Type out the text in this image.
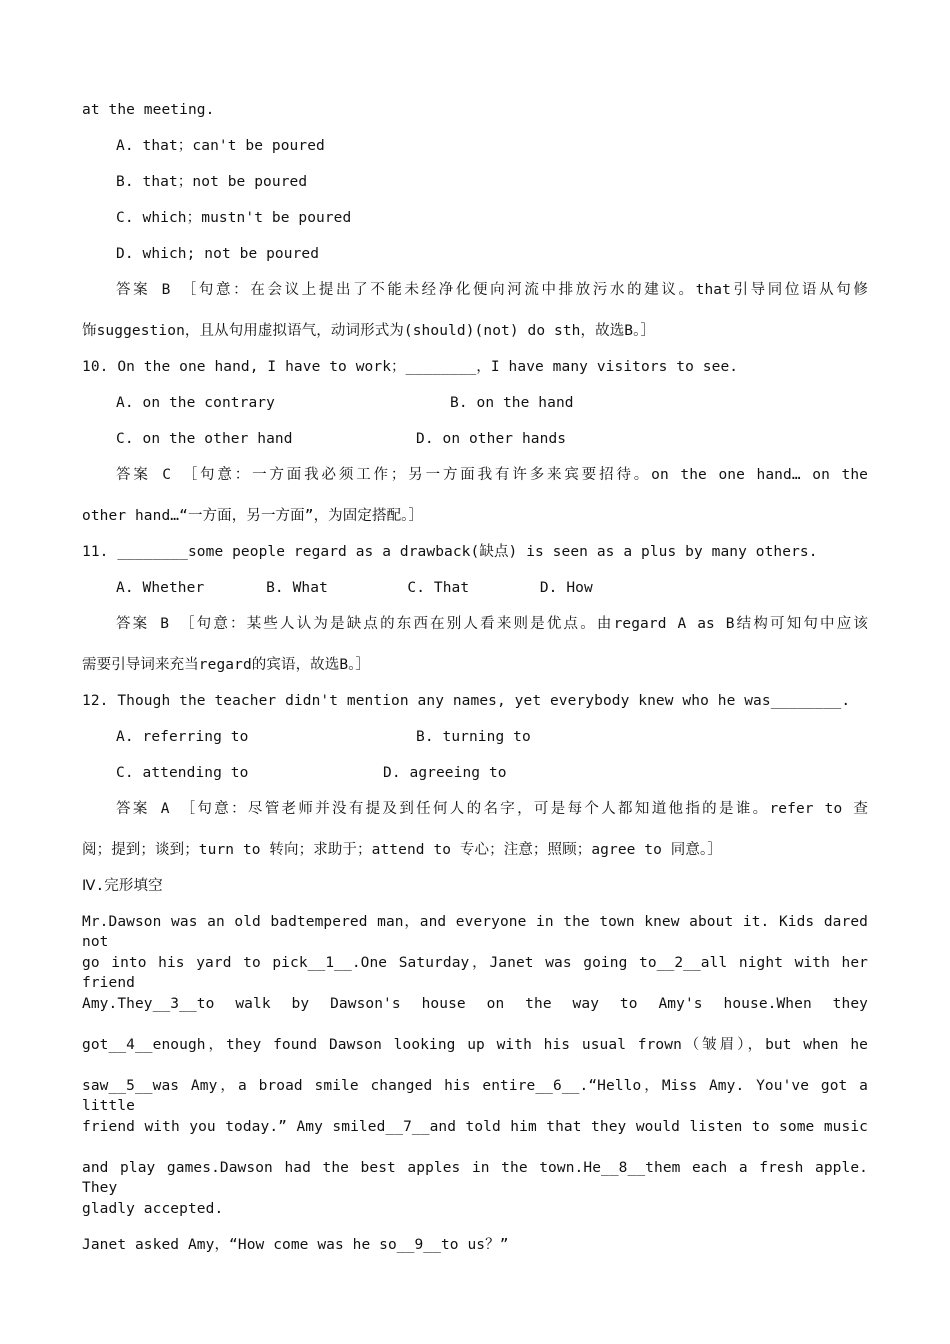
at the meeting.
A. that；can't be poured
B. that；not be poured
C. which；mustn't be poured
D. which; not be poured
答案 B ［句意：在会议上提出了不能未经净化便向河流中排放污水的建议。that引导同位语从句修
饰suggestion，且从句用虚拟语气，动词形式为(should)(not) do sth，故选B。］
10. On the one hand, I have to work；________，I have many visitors to see.
A. on the contrary	B. on the hand
C. on the other hand	D. on other hands
答案 C ［句意：一方面我必须工作；另一方面我有许多来宾要招待。on the one hand… on the
other hand…“一方面，另一方面”，为固定搭配。］
11. ________some people regard as a drawback(缺点) is seen as a plus by many others.
A. Whether       B. What         C. That        D. How
答案 B ［句意：某些人认为是缺点的东西在别人看来则是优点。由regard A as B结构可知句中应该
需要引导词来充当regard的宾语，故选B。］
12. Though the teacher didn't mention any names, yet everybody knew who he was________.
A. referring to	B. turning to
C. attending to	D. agreeing to
答案 A ［句意：尽管老师并没有提及到任何人的名字，可是每个人都知道他指的是谁。refer to 查
阅；提到；谈到；turn to 转向；求助于；attend to 专心；注意；照顾；agree to 同意。］
Ⅳ.完形填空
Mr.Dawson was an old badtempered man，and everyone in the town knew about it. Kids dared not
go into his yard to pick__1__.One Saturday，Janet was going to__2__all night with her friend
Amy.They__3__to walk by Dawson's house on the way to Amy's house.When they
got__4__enough，they found Dawson looking up with his usual frown（皱眉），but when he
saw__5__was Amy，a broad smile changed his entire__6__.“Hello，Miss Amy. You've got a little
friend with you today.” Amy smiled__7__and told him that they would listen to some music
and play games.Dawson had the best apples in the town.He__8__them each a fresh apple. They
gladly accepted.
Janet asked Amy，“How come was he so__9__to us？”
